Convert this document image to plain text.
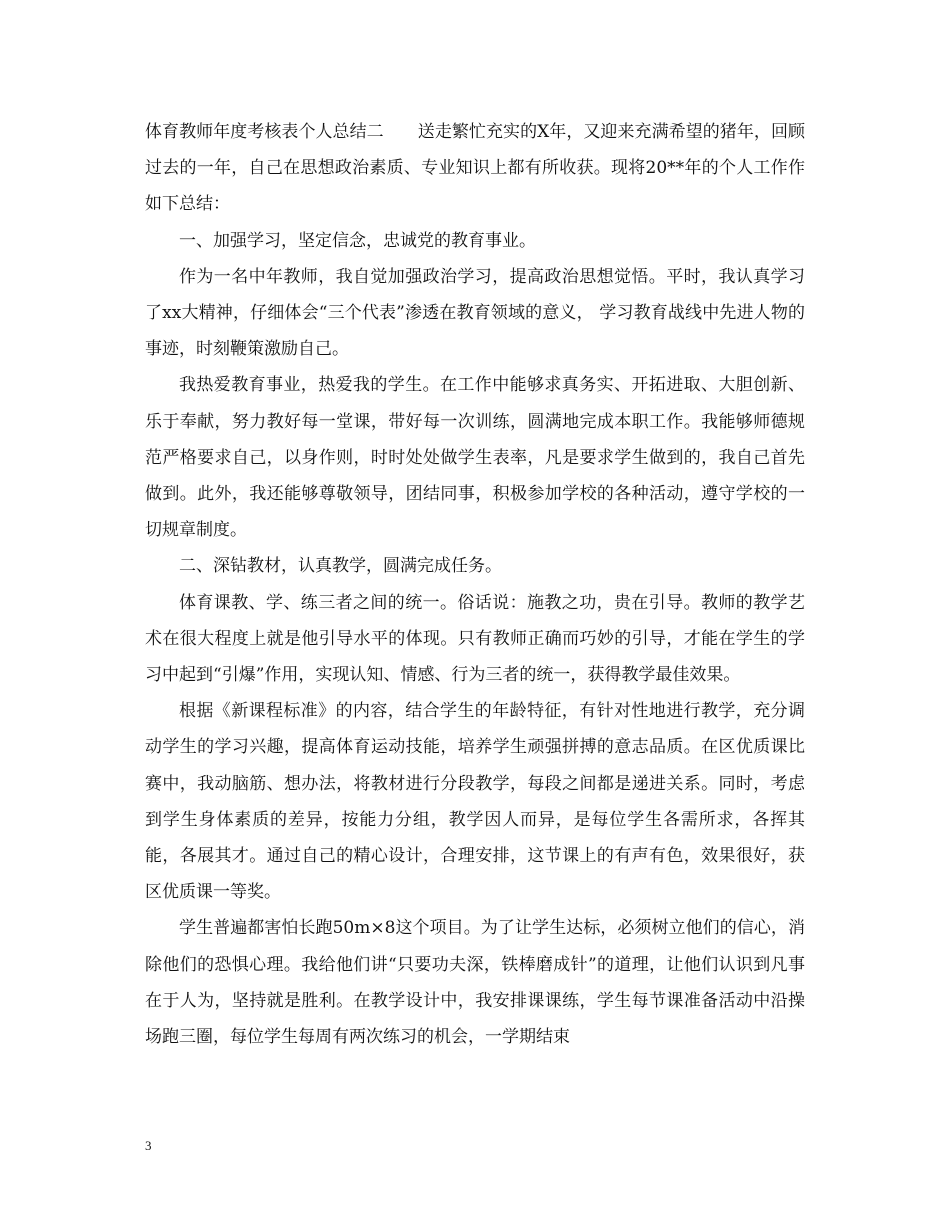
体育教师年度考核表个人总结二 送走繁忙充实的X年，又迎来充满希望的猪年，回顾过去的一年，自己在思想政治素质、专业知识上都有所收获。现将20**年的个人工作作如下总结：

一、加强学习，坚定信念，忠诚党的教育事业。

作为一名中年教师，我自觉加强政治学习，提高政治思想觉悟。平时，我认真学习了xx大精神，仔细体会“三个代表”渗透在教育领域的意义， 学习教育战线中先进人物的事迹，时刻鞭策激励自己。

我热爱教育事业，热爱我的学生。在工作中能够求真务实、开拓进取、大胆创新、乐于奉献，努力教好每一堂课，带好每一次训练，圆满地完成本职工作。我能够师德规范严格要求自己，以身作则，时时处处做学生表率，凡是要求学生做到的，我自己首先做到。此外，我还能够尊敬领导，团结同事，积极参加学校的各种活动，遵守学校的一切规章制度。

二、深钻教材，认真教学，圆满完成任务。

体育课教、学、练三者之间的统一。俗话说：施教之功，贵在引导。教师的教学艺术在很大程度上就是他引导水平的体现。只有教师正确而巧妙的引导，才能在学生的学习中起到“引爆”作用，实现认知、情感、行为三者的统一，获得教学最佳效果。

根据《新课程标准》的内容，结合学生的年龄特征，有针对性地进行教学，充分调动学生的学习兴趣，提高体育运动技能，培养学生顽强拼搏的意志品质。在区优质课比赛中，我动脑筋、想办法，将教材进行分段教学，每段之间都是递进关系。同时，考虑到学生身体素质的差异，按能力分组，教学因人而异，是每位学生各需所求，各挥其能，各展其才。通过自己的精心设计，合理安排，这节课上的有声有色，效果很好，获区优质课一等奖。

学生普遍都害怕长跑50m×8这个项目。为了让学生达标，必须树立他们的信心，消除他们的恐惧心理。我给他们讲“只要功夫深，铁棒磨成针”的道理，让他们认识到凡事在于人为，坚持就是胜利。在教学设计中，我安排课课练，学生每节课准备活动中沿操场跑三圈，每位学生每周有两次练习的机会，一学期结束

3
